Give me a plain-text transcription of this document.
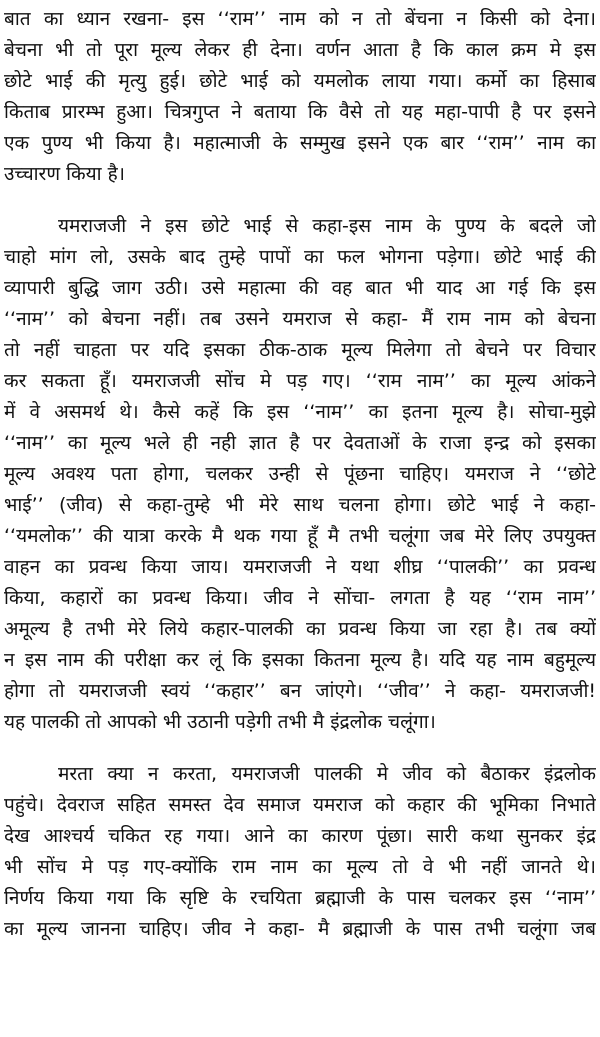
बात का ध्यान रखना- इस ‘‘राम’’ नाम को न तो बेंचना न किसी को देना।
बेचना भी तो पूरा मूल्य लेकर ही देना। वर्णन आता है कि काल क्रम मे इस
छोटे भाई की मृत्यु हुई। छोटे भाई को यमलोक लाया गया। कर्मो का हिसाब
किताब प्रारम्भ हुआ। चित्रगुप्त ने बताया कि वैसे तो यह महा-पापी है पर इसने
एक पुण्य भी किया है। महात्माजी के सम्मुख इसने एक बार ‘‘राम’’ नाम का
उच्चारण किया है।
यमराजजी ने इस छोटे भाई से कहा-इस नाम के पुण्य के बदले जो
चाहो मांग लो, उसके बाद तुम्हे पापों का फल भोगना पड़ेगा। छोटे भाई की
व्यापारी बुद्धि जाग उठी। उसे महात्मा की वह बात भी याद आ गई कि इस
‘‘नाम’’ को बेचना नहीं। तब उसने यमराज से कहा- मैं राम नाम को बेचना
तो नहीं चाहता पर यदि इसका ठीक-ठाक मूल्य मिलेगा तो बेचने पर विचार
कर सकता हूँ। यमराजजी सोंच मे पड़ गए। ‘‘राम नाम’’ का मूल्य आंकने
में वे असमर्थ थे। कैसे कहें कि इस ‘‘नाम’’ का इतना मूल्य है। सोचा-मुझे
‘‘नाम’’ का मूल्य भले ही नही ज्ञात है पर देवताओं के राजा इन्द्र को इसका
मूल्य अवश्य पता होगा, चलकर उन्ही से पूंछना चाहिए। यमराज ने ‘‘छोटे
भाई’’ (जीव) से कहा-तुम्हे भी मेरे साथ चलना होगा। छोटे भाई ने कहा-
‘‘यमलोक’’ की यात्रा करके मै थक गया हूँ मै तभी चलूंगा जब मेरे लिए उपयुक्त
वाहन का प्रवन्ध किया जाय। यमराजजी ने यथा शीघ्र ‘‘पालकी’’ का प्रवन्ध
किया, कहारों का प्रवन्ध किया। जीव ने सोंचा- लगता है यह ‘‘राम नाम’’
अमूल्य है तभी मेरे लिये कहार-पालकी का प्रवन्ध किया जा रहा है। तब क्यों
न इस नाम की परीक्षा कर लूं कि इसका कितना मूल्य है। यदि यह नाम बहुमूल्य
होगा तो यमराजजी स्वयं ‘‘कहार’’ बन जांएगे। ‘‘जीव’’ ने कहा- यमराजजी!
यह पालकी तो आपको भी उठानी पड़ेगी तभी मै इंद्रलोक चलूंगा।
मरता क्या न करता, यमराजजी पालकी मे जीव को बैठाकर इंद्रलोक
पहुंचे। देवराज सहित समस्त देव समाज यमराज को कहार की भूमिका निभाते
देख आश्चर्य चकित रह गया। आने का कारण पूंछा। सारी कथा सुनकर इंद्र
भी सोंच मे पड़ गए-क्योंकि राम नाम का मूल्य तो वे भी नहीं जानते थे।
निर्णय किया गया कि सृष्टि के रचयिता ब्रह्माजी के पास चलकर इस ‘‘नाम’’
का मूल्य जानना चाहिए। जीव ने कहा- मै ब्रह्माजी के पास तभी चलूंगा जब
